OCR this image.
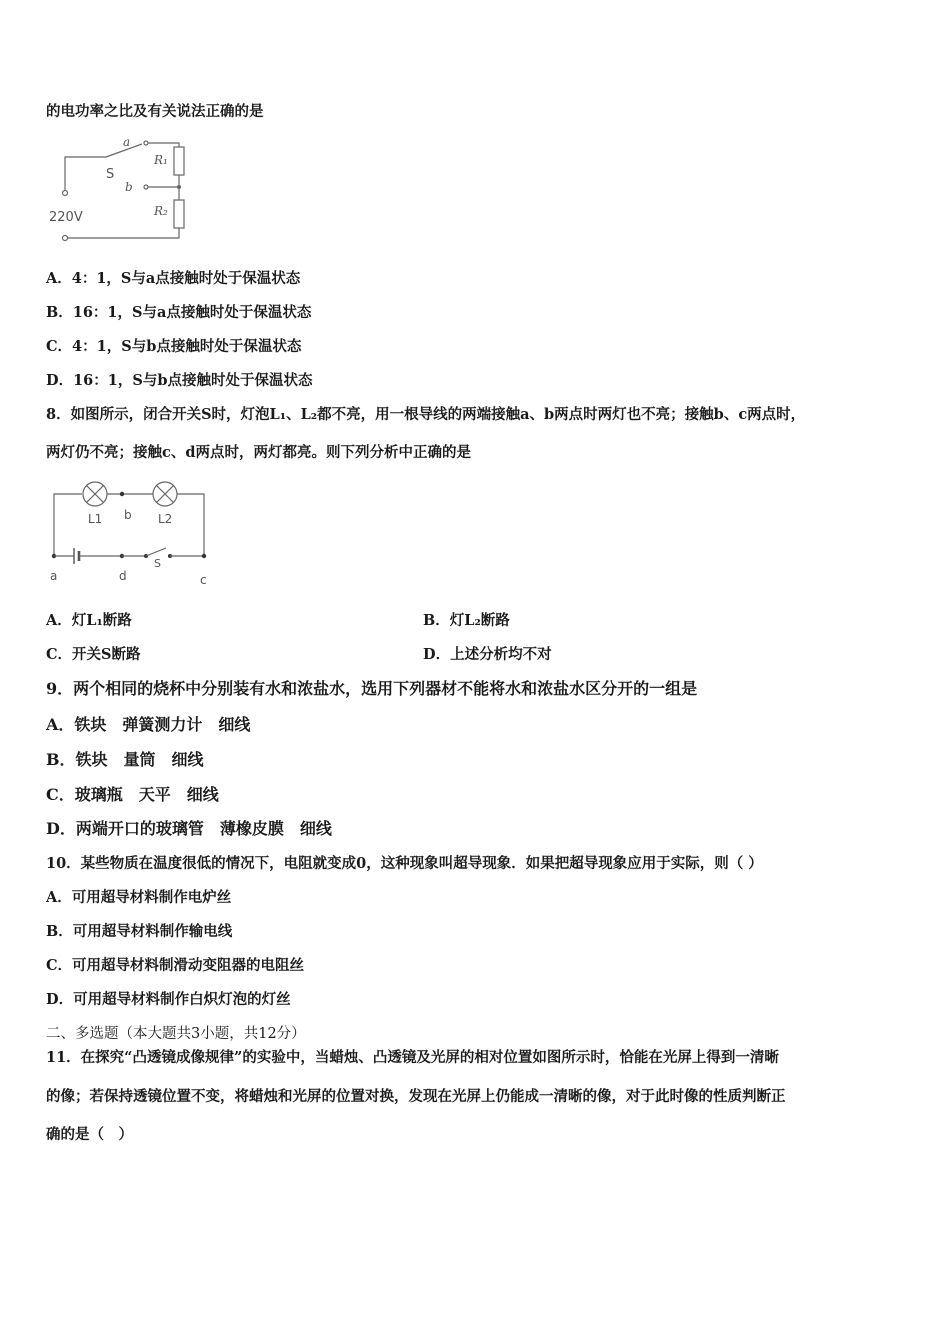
的电功率之比及有关说法正确的是

a
S
b
R₁
R₂
220V

A．4：1，S与a点接触时处于保温状态

B．16：1，S与a点接触时处于保温状态

C．4：1，S与b点接触时处于保温状态

D．16：1，S与b点接触时处于保温状态

8．如图所示，闭合开关S时，灯泡L₁、L₂都不亮，用一根导线的两端接触a、b两点时两灯也不亮；接触b、c两点时，

两灯仍不亮；接触c、d两点时，两灯都亮。则下列分析中正确的是

L1 b L2
S
a	d	c

A．灯L₁断路	B．灯L₂断路

C．开关S断路	D．上述分析均不对

9．两个相同的烧杯中分别装有水和浓盐水，选用下列器材不能将水和浓盐水区分开的一组是

A．铁块　弹簧测力计　细线

B．铁块　量筒　细线

C．玻璃瓶　天平　细线

D．两端开口的玻璃管　薄橡皮膜　细线

10．某些物质在温度很低的情况下，电阻就变成0，这种现象叫超导现象．如果把超导现象应用于实际，则（ ）

A．可用超导材料制作电炉丝

B．可用超导材料制作输电线

C．可用超导材料制滑动变阻器的电阻丝

D．可用超导材料制作白炽灯泡的灯丝

二、多选题（本大题共3小题，共12分）

11．在探究“凸透镜成像规律”的实验中，当蜡烛、凸透镜及光屏的相对位置如图所示时，恰能在光屏上得到一清晰

的像；若保持透镜位置不变，将蜡烛和光屏的位置对换，发现在光屏上仍能成一清晰的像，对于此时像的性质判断正

确的是（　）
